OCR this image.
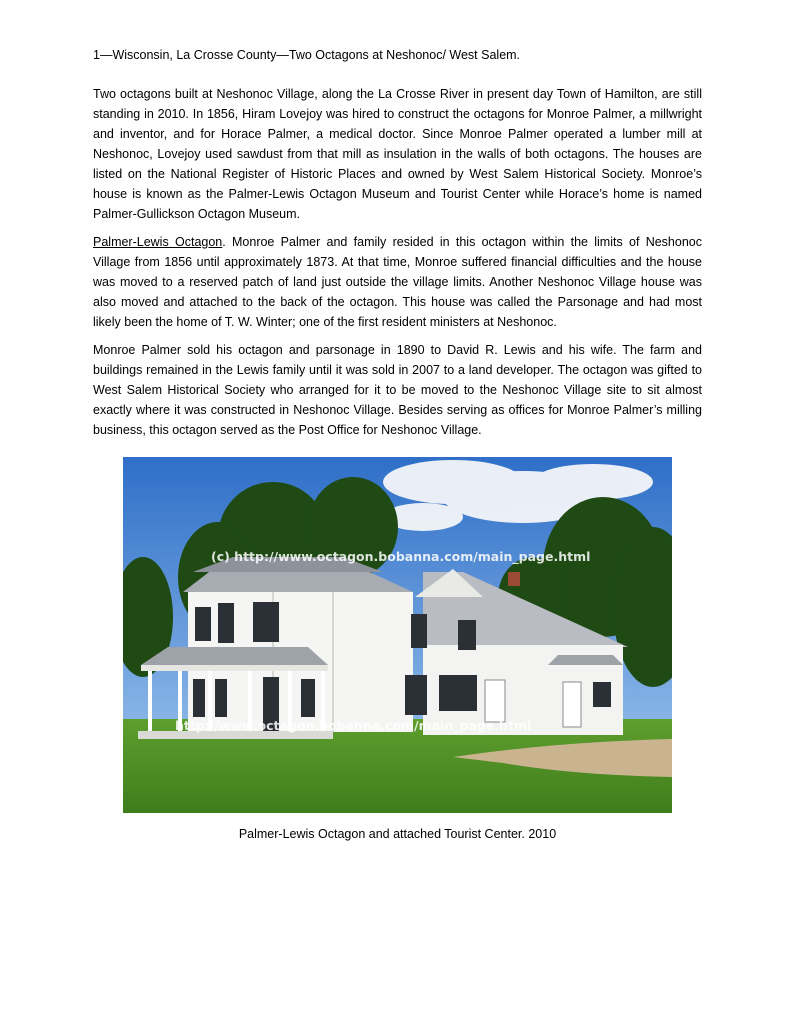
1—Wisconsin, La Crosse County—Two Octagons at Neshonoc/ West Salem.

Two octagons built at Neshonoc Village, along the La Crosse River in present day Town of Hamilton, are still standing in 2010. In 1856, Hiram Lovejoy was hired to construct the octagons for Monroe Palmer, a millwright and inventor, and for Horace Palmer, a medical doctor. Since Monroe Palmer operated a lumber mill at Neshonoc, Lovejoy used sawdust from that mill as insulation in the walls of both octagons. The houses are listed on the National Register of Historic Places and owned by West Salem Historical Society. Monroe’s house is known as the Palmer-Lewis Octagon Museum and Tourist Center while Horace’s home is named Palmer-Gullickson Octagon Museum.

Palmer-Lewis Octagon. Monroe Palmer and family resided in this octagon within the limits of Neshonoc Village from 1856 until approximately 1873. At that time, Monroe suffered financial difficulties and the house was moved to a reserved patch of land just outside the village limits. Another Neshonoc Village house was also moved and attached to the back of the octagon. This house was called the Parsonage and had most likely been the home of T. W. Winter; one of the first resident ministers at Neshonoc.

Monroe Palmer sold his octagon and parsonage in 1890 to David R. Lewis and his wife. The farm and buildings remained in the Lewis family until it was sold in 2007 to a land developer. The octagon was gifted to West Salem Historical Society who arranged for it to be moved to the Neshonoc Village site to sit almost exactly where it was constructed in Neshonoc Village. Besides serving as offices for Monroe Palmer’s milling business, this octagon served as the Post Office for Neshonoc Village.

(c) http://www.octagon.bobanna.com/main_page.html
http://www.octagon.bobanna.com/main_page.html
Palmer-Lewis Octagon and attached Tourist Center. 2010
